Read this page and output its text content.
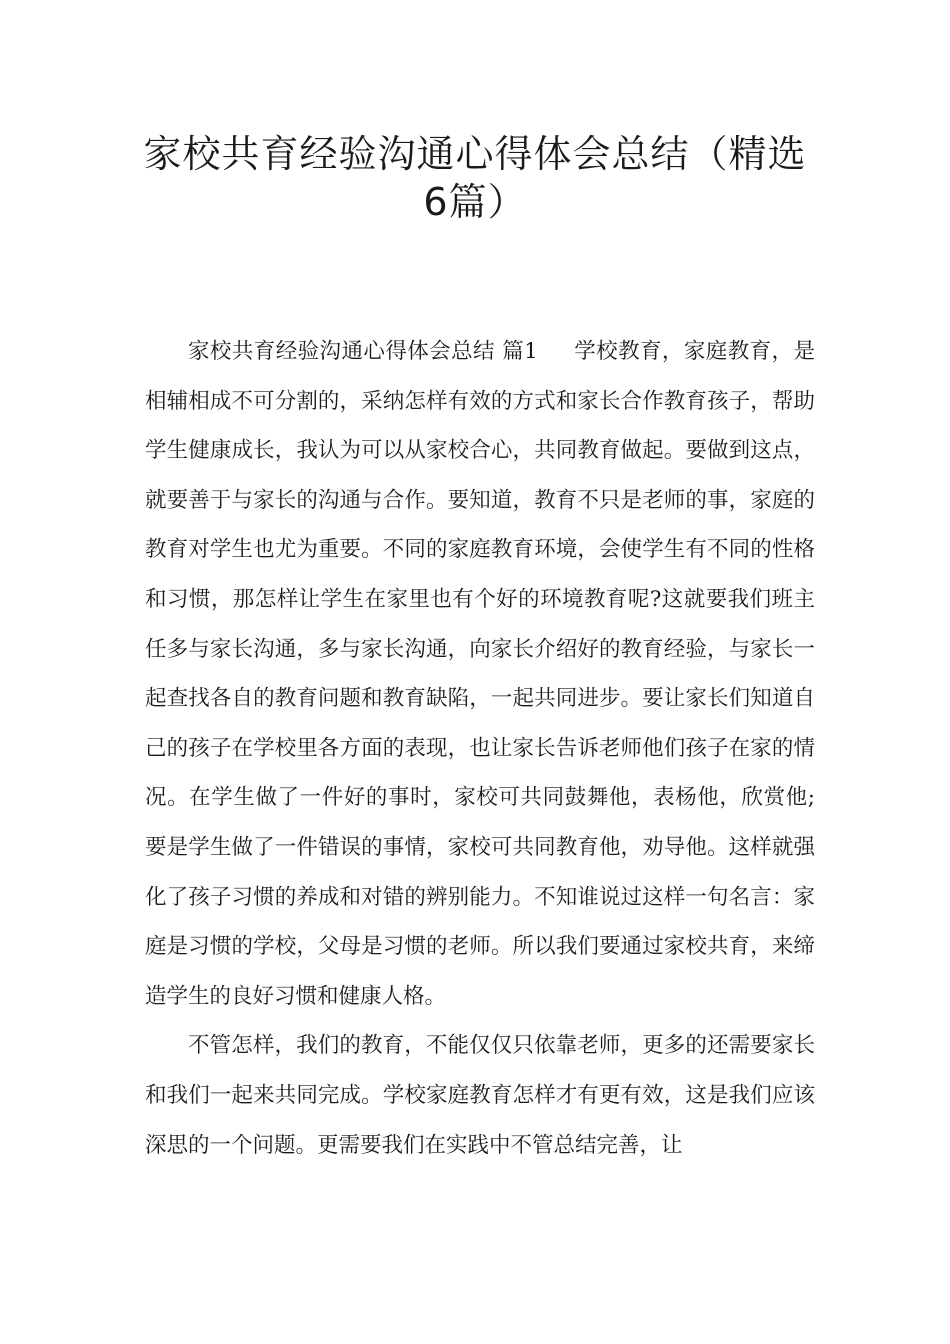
家校共育经验沟通心得体会总结（精选
6篇）

家校共育经验沟通心得体会总结 篇1 学校教育，家庭教育，是相辅相成不可分割的，采纳怎样有效的方式和家长合作教育孩子，帮助学生健康成长，我认为可以从家校合心，共同教育做起。要做到这点，就要善于与家长的沟通与合作。要知道，教育不只是老师的事，家庭的教育对学生也尤为重要。不同的家庭教育环境，会使学生有不同的性格和习惯，那怎样让学生在家里也有个好的环境教育呢?这就要我们班主任多与家长沟通，多与家长沟通，向家长介绍好的教育经验，与家长一起查找各自的教育问题和教育缺陷，一起共同进步。要让家长们知道自己的孩子在学校里各方面的表现，也让家长告诉老师他们孩子在家的情况。在学生做了一件好的事时，家校可共同鼓舞他，表杨他，欣赏他;要是学生做了一件错误的事情，家校可共同教育他，劝导他。这样就强化了孩子习惯的养成和对错的辨别能力。不知谁说过这样一句名言：家庭是习惯的学校，父母是习惯的老师。所以我们要通过家校共育，来缔造学生的良好习惯和健康人格。

不管怎样，我们的教育，不能仅仅只依靠老师，更多的还需要家长和我们一起来共同完成。学校家庭教育怎样才有更有效，这是我们应该深思的一个问题。更需要我们在实践中不管总结完善，让
